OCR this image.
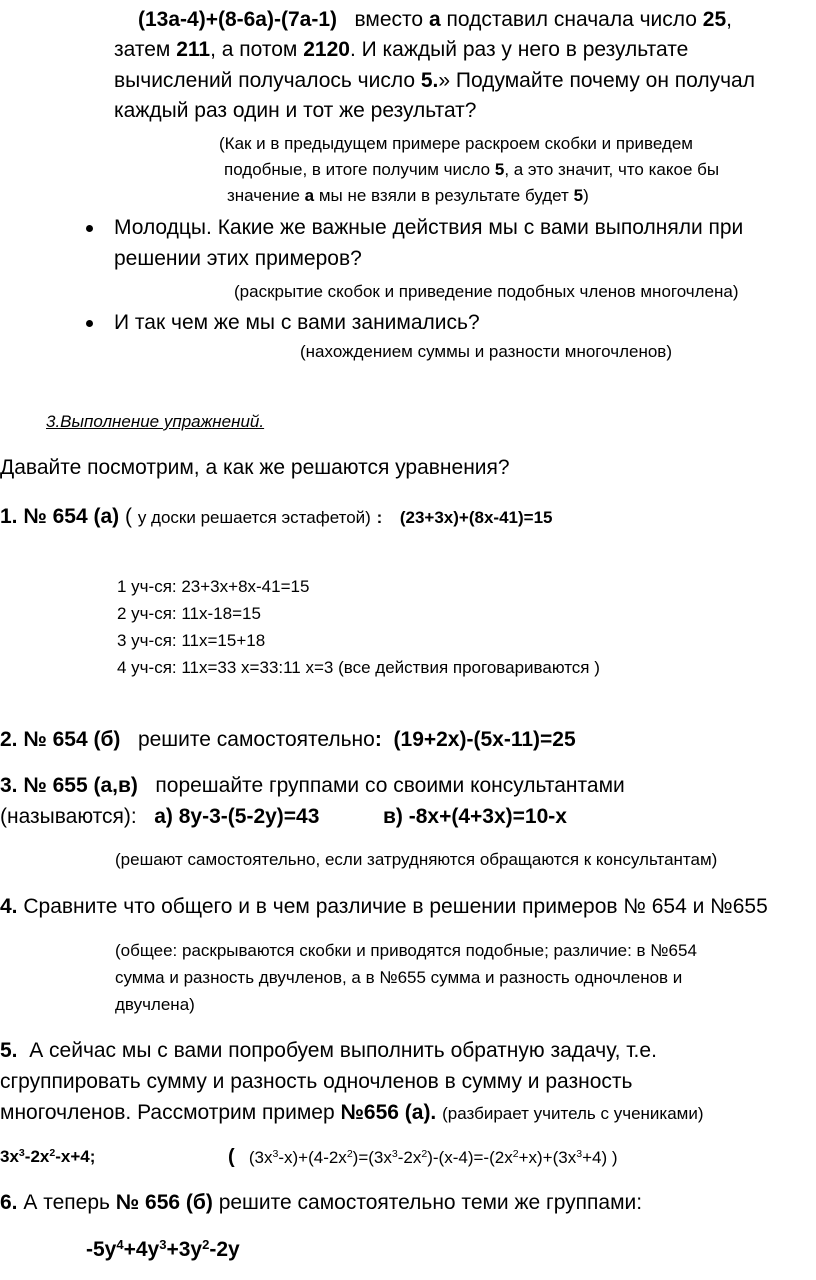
(13a-4)+(8-6a)-(7a-1) вместо a подставил сначала число 25,
затем 211, а потом 2120. И каждый раз у него в результате
вычислений получалось число 5.» Подумайте почему он получал
каждый раз один и тот же результат?
(Как и в предыдущем примере раскроем скобки и приведем
подобные, в итоге получим число 5, а это значит, что какое бы
значение а мы не взяли в результате будет 5)
Молодцы. Какие же важные действия мы с вами выполняли при
решении этих примеров?
(раскрытие скобок и приведение подобных членов многочлена)
И так чем же мы с вами занимались?
(нахождением суммы и разности многочленов)
3.Выполнение упражнений.
Давайте посмотрим, а как же решаются уравнения?
1. № 654 (а) ( у доски решается эстафетой) : (23+3x)+(8x-41)=15
1 уч-ся: 23+3x+8x-41=15
2 уч-ся: 11x-18=15
3 уч-ся: 11x=15+18
4 уч-ся: 11x=33 x=33:11 x=3 (все действия проговариваются )
2. № 654 (б) решите самостоятельно: (19+2x)-(5x-11)=25
3. № 655 (а,в) порешайте группами со своими консультантами
(называются): а) 8y-3-(5-2y)=43	в) -8x+(4+3x)=10-x
(решают самостоятельно, если затрудняются обращаются к консультантам)
4. Сравните что общего и в чем различие в решении примеров № 654 и №655
(общее: раскрываются скобки и приводятся подобные; различие: в №654
сумма и разность двучленов, а в №655 сумма и разность одночленов и
двучлена)
5. А сейчас мы с вами попробуем выполнить обратную задачу, т.е.
сгруппировать сумму и разность одночленов в сумму и разность
многочленов. Рассмотрим пример №656 (а). (разбирает учитель с учениками)
$3x^3-2x^2-x+4$;	( $(3x^3-x)+(4-2x^2)=(3x^3-2x^2)-(x-4)=-(2x^2+x)+(3x^3+4)$ )
6. А теперь № 656 (б) решите самостоятельно теми же группами:
$-5y^4+4y^3+3y^2-2y$
